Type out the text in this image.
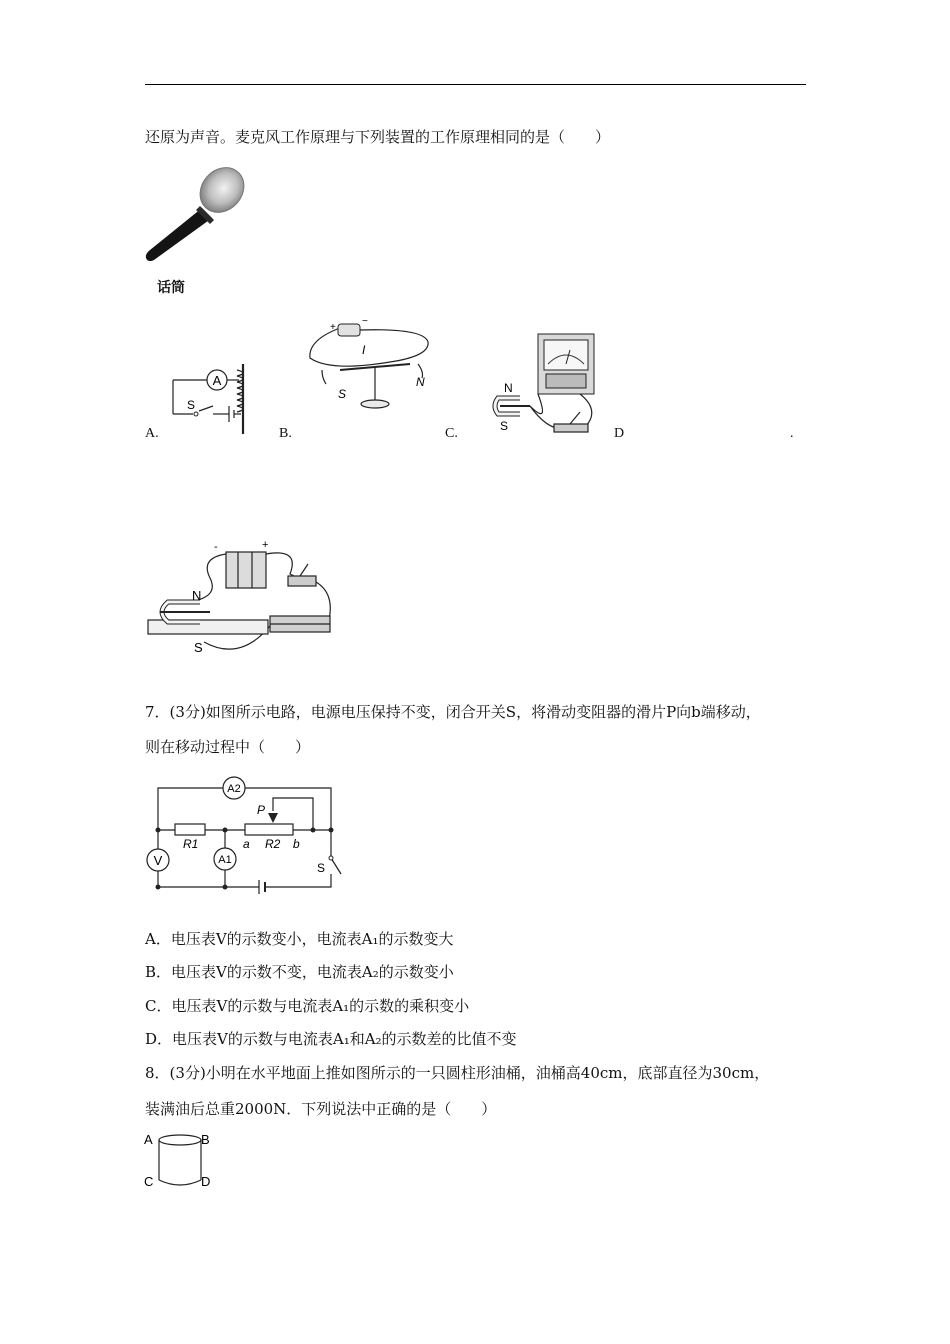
还原为声音。麦克风工作原理与下列装置的工作原理相同的是（　　）
话筒
A.	B.	C.	D	.
A
S
+
−
I
S
N	N
S
-	+
N
S
7．(3分)如图所示电路，电源电压保持不变，闭合开关S，将滑动变阻器的滑片P向b端移动，
则在移动过程中（　　）
A2
V	A1
P
R1	R2
a	b
S
A．电压表V的示数变小，电流表A₁的示数变大
B．电压表V的示数不变，电流表A₂的示数变小
C．电压表V的示数与电流表A₁的示数的乘积变小
D．电压表V的示数与电流表A₁和A₂的示数差的比值不变
8．(3分)小明在水平地面上推如图所示的一只圆柱形油桶，油桶高40cm，底部直径为30cm，
装满油后总重2000N．下列说法中正确的是（　　）
A	B
C	D
